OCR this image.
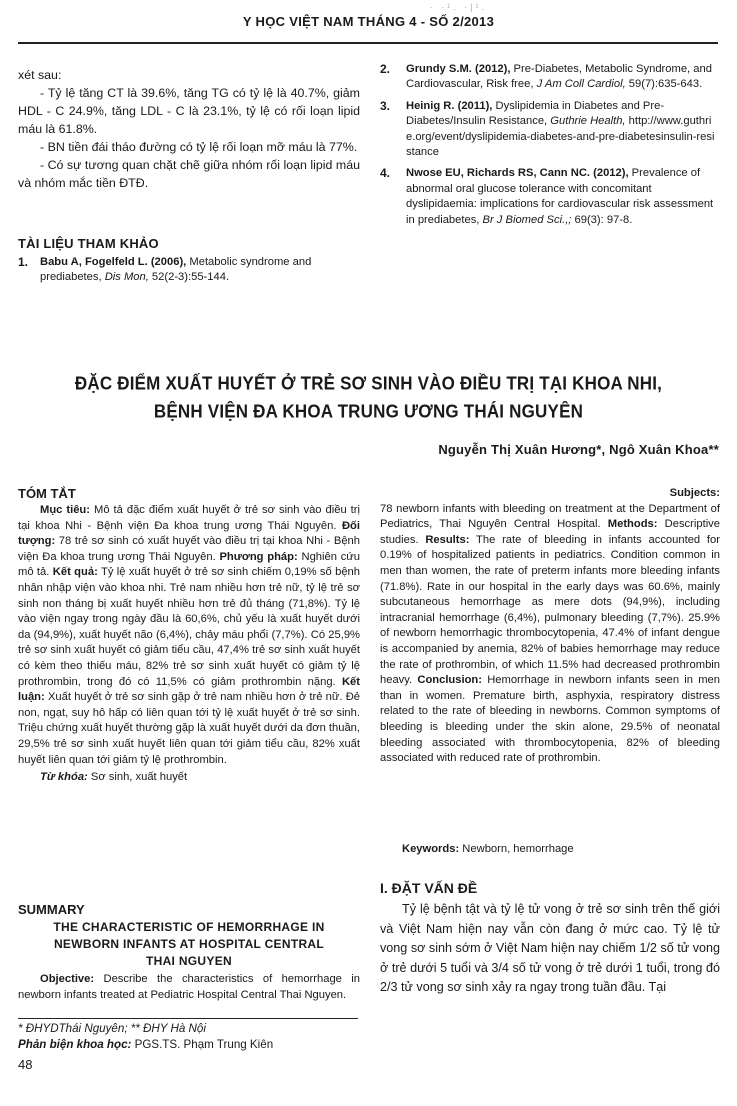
· ·¹. ·|¹.
Y HỌC VIỆT NAM THÁNG 4 - SỐ 2/2013

xét sau:

- Tỷ lệ tăng CT là 39.6%, tăng TG có tỷ lệ là 40.7%, giảm HDL - C 24.9%, tăng LDL - C là 23.1%, tỷ lệ có rối loạn lipid máu là 61.8%.

- BN tiền đái tháo đường có tỷ lệ rối loạn mỡ máu là 77%.

- Có sự tương quan chặt chẽ giữa nhóm rối loạn lipid máu và nhóm mắc tiền ĐTĐ.

TÀI LIỆU THAM KHẢO
1.	Babu A, Fogelfeld L. (2006), Metabolic syndrome and prediabetes, Dis Mon, 52(2-3):55-144.
2.	Grundy S.M. (2012), Pre-Diabetes, Metabolic Syndrome, and Cardiovascular, Risk free, J Am Coll Cardiol, 59(7):635-643.
3.	Heinig R. (2011), Dyslipidemia in Diabetes and Pre-Diabetes/Insulin Resistance, Guthrie Health, http://www.guthrie.org/event/dyslipidemia-diabetes-and-pre-diabetesinsulin-resistance
4.	Nwose EU, Richards RS, Cann NC. (2012), Prevalence of abnormal oral glucose tolerance with concomitant dyslipidaemia: implications for cardiovascular risk assessment in prediabetes, Br J Biomed Sci.,; 69(3): 97-8.
ĐẶC ĐIỂM XUẤT HUYẾT Ở TRẺ SƠ SINH VÀO ĐIỀU TRỊ TẠI KHOA NHI,
BỆNH VIỆN ĐA KHOA TRUNG ƯƠNG THÁI NGUYÊN
Nguyễn Thị Xuân Hương*, Ngô Xuân Khoa**
TÓM TẮT

Mục tiêu: Mô tả đặc điểm xuất huyết ở trẻ sơ sinh vào điều trị tại khoa Nhi - Bệnh viện Đa khoa trung ương Thái Nguyên. Đối tượng: 78 trẻ sơ sinh có xuất huyết vào điều trị tại khoa Nhi - Bệnh viện Đa khoa trung ương Thái Nguyên. Phương pháp: Nghiên cứu mô tả. Kết quả: Tỷ lệ xuất huyết ở trẻ sơ sinh chiếm 0,19% số bệnh nhân nhập viện vào khoa nhi. Trẻ nam nhiều hơn trẻ nữ, tỷ lệ trẻ sơ sinh non tháng bị xuất huyết nhiều hơn trẻ đủ tháng (71,8%). Tỷ lệ vào viện ngay trong ngày đầu là 60,6%, chủ yếu là xuất huyết dưới da (94,9%), xuất huyết não (6,4%), chảy máu phổi (7,7%). Có 25,9% trẻ sơ sinh xuất huyết có giảm tiểu cầu, 47,4% trẻ sơ sinh xuất huyết có kèm theo thiếu máu, 82% trẻ sơ sinh xuất huyết có giảm tỷ lệ prothrombin, trong đó có 11,5% có giảm prothrombin nặng. Kết luận: Xuất huyết ở trẻ sơ sinh gặp ở trẻ nam nhiều hơn ở trẻ nữ. Đẻ non, ngạt, suy hô hấp có liên quan tới tỷ lệ xuất huyết ở trẻ sơ sinh. Triệu chứng xuất huyết thường gặp là xuất huyết dưới da đơn thuần, 29,5% trẻ sơ sinh xuất huyết liên quan tới giảm tiểu cầu, 82% xuất huyết liên quan tới giảm tỷ lệ prothrombin.

Từ khóa: Sơ sinh, xuất huyết

SUMMARY
THE CHARACTERISTIC OF HEMORRHAGE IN NEWBORN INFANTS AT HOSPITAL CENTRAL THAI NGUYEN

Objective: Describe the characteristics of hemorrhage in newborn infants treated at Pediatric Hospital Central Thai Nguyen.

Subjects: 78 newborn infants with bleeding on treatment at the Department of Pediatrics, Thai Nguyên Central Hospital. Methods: Descriptive studies. Results: The rate of bleeding in infants accounted for 0.19% of hospitalized patients in pediatrics. Condition common in men than women, the rate of preterm infants more bleeding infants (71.8%). Rate in our hospital in the early days was 60.6%, mainly subcutaneous hemorrhage as mere dots (94,9%), including intracranial hemorrhage (6,4%), pulmonary bleeding (7,7%). 25.9% of newborn hemorrhagic thrombocytopenia, 47.4% of infant dengue is accompanied by anemia, 82% of babies hemorrhage may reduce the rate of prothrombin, of which 11.5% had decreased prothrombin heavy. Conclusion: Hemorrhage in newborn infants seen in men than in women. Premature birth, asphyxia, respiratory distress related to the rate of bleeding in newborns. Common symptoms of bleeding is bleeding under the skin alone, 29.5% of neonatal bleeding associated with thrombocytopenia, 82% of bleeding associated with reduced rate of prothrombin.

Keywords: Newborn, hemorrhage

I. ĐẶT VẤN ĐỀ

Tỷ lệ bệnh tật và tỷ lệ tử vong ở trẻ sơ sinh trên thế giới và Việt Nam hiện nay vẫn còn đang ở mức cao. Tỷ lệ tử vong sơ sinh sớm ở Việt Nam hiện nay chiếm 1/2 số tử vong ở trẻ dưới 5 tuổi và 3/4 số tử vong ở trẻ dưới 1 tuổi, trong đó 2/3 tử vong sơ sinh xảy ra ngay trong tuần đầu. Tại

* ĐHYDThái Nguyên; ** ĐHY Hà Nội
Phản biện khoa học: PGS.TS. Phạm Trung Kiên
48
